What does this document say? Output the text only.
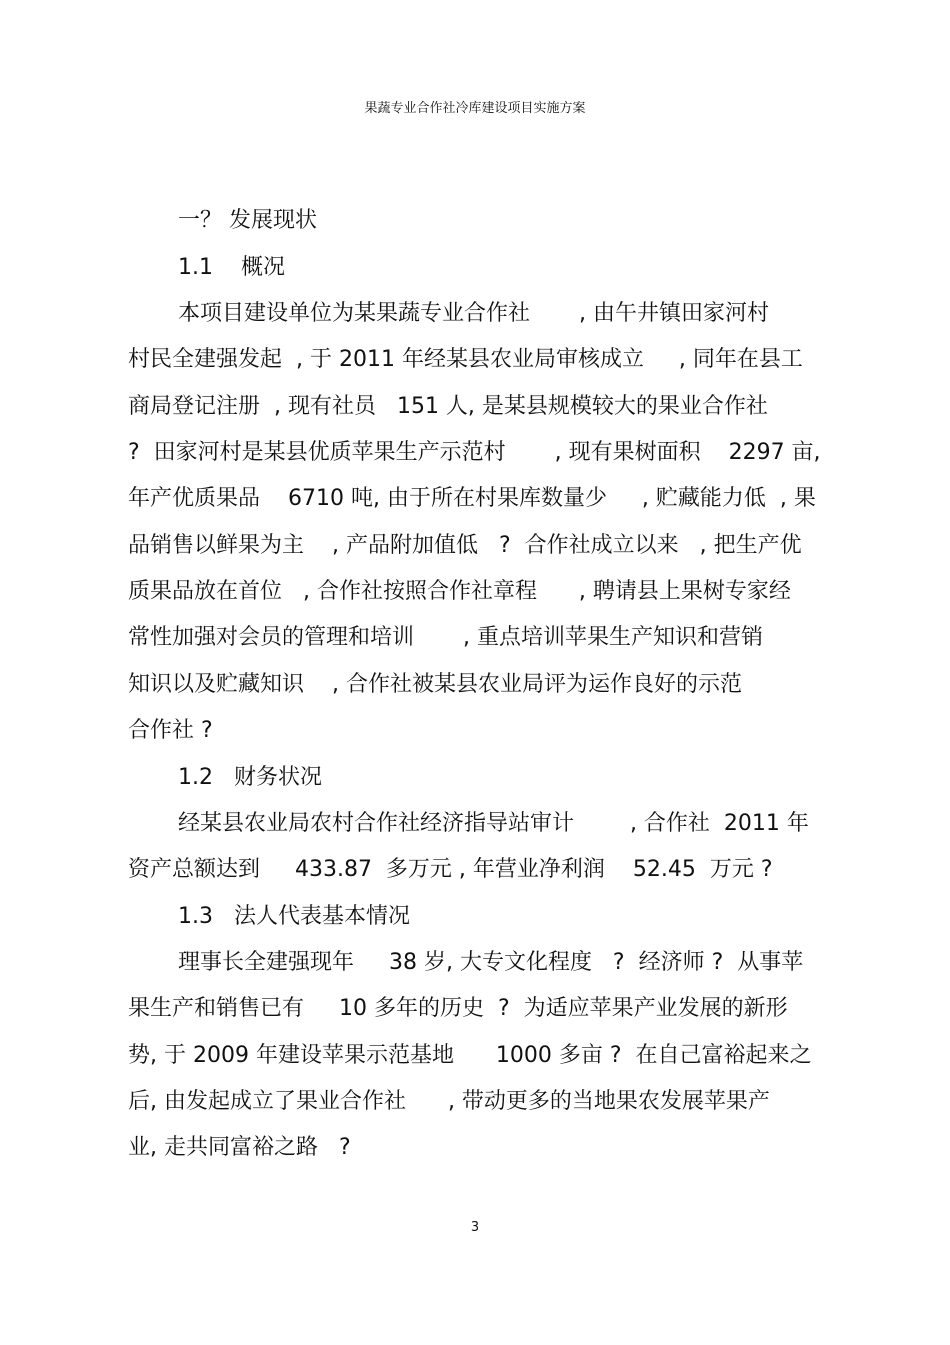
果蔬专业合作社冷库建设项目实施方案
一？ 发展现状
1.1    概况
本项目建设单位为某果蔬专业合作社       , 由午井镇田家河村
村民全建强发起  , 于 2011 年经某县农业局审核成立     , 同年在县工
商局登记注册  , 现有社员   151 人, 是某县规模较大的果业合作社
?  田家河村是某县优质苹果生产示范村       , 现有果树面积    2297 亩,
年产优质果品    6710 吨, 由于所在村果库数量少     , 贮藏能力低  , 果
品销售以鲜果为主    , 产品附加值低   ?  合作社成立以来   , 把生产优
质果品放在首位   , 合作社按照合作社章程      , 聘请县上果树专家经
常性加强对会员的管理和培训       , 重点培训苹果生产知识和营销
知识以及贮藏知识    , 合作社被某县农业局评为运作良好的示范
合作社 ?
1.2   财务状况
经某县农业局农村合作社经济指导站审计        , 合作社  2011 年
资产总额达到     433.87  多万元 , 年营业净利润    52.45  万元 ?
1.3   法人代表基本情况
理事长全建强现年     38 岁, 大专文化程度   ?  经济师 ?  从事苹
果生产和销售已有     10 多年的历史  ?  为适应苹果产业发展的新形
势, 于 2009 年建设苹果示范基地      1000 多亩 ?  在自己富裕起来之
后, 由发起成立了果业合作社      , 带动更多的当地果农发展苹果产
业, 走共同富裕之路   ?
3
